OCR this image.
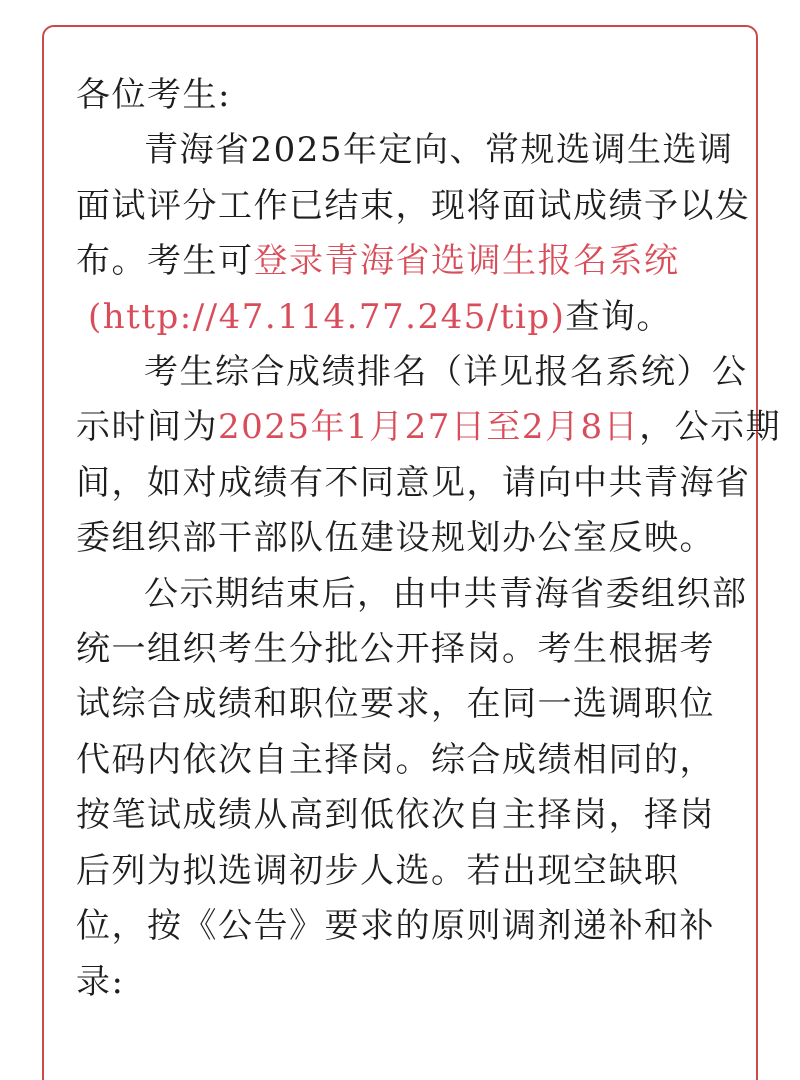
各位考生:
青海省2025年定向、常规选调生选调
面试评分工作已结束，现将面试成绩予以发
布。考生可登录青海省选调生报名系统
(http://47.114.77.245/tip)查询。
考生综合成绩排名（详见报名系统）公
示时间为2025年1月27日至2月8日，公示期
间，如对成绩有不同意见，请向中共青海省
委组织部干部队伍建设规划办公室反映。
公示期结束后，由中共青海省委组织部
统一组织考生分批公开择岗。考生根据考
试综合成绩和职位要求，在同一选调职位
代码内依次自主择岗。综合成绩相同的，
按笔试成绩从高到低依次自主择岗，择岗
后列为拟选调初步人选。若出现空缺职
位，按《公告》要求的原则调剂递补和补
录:
